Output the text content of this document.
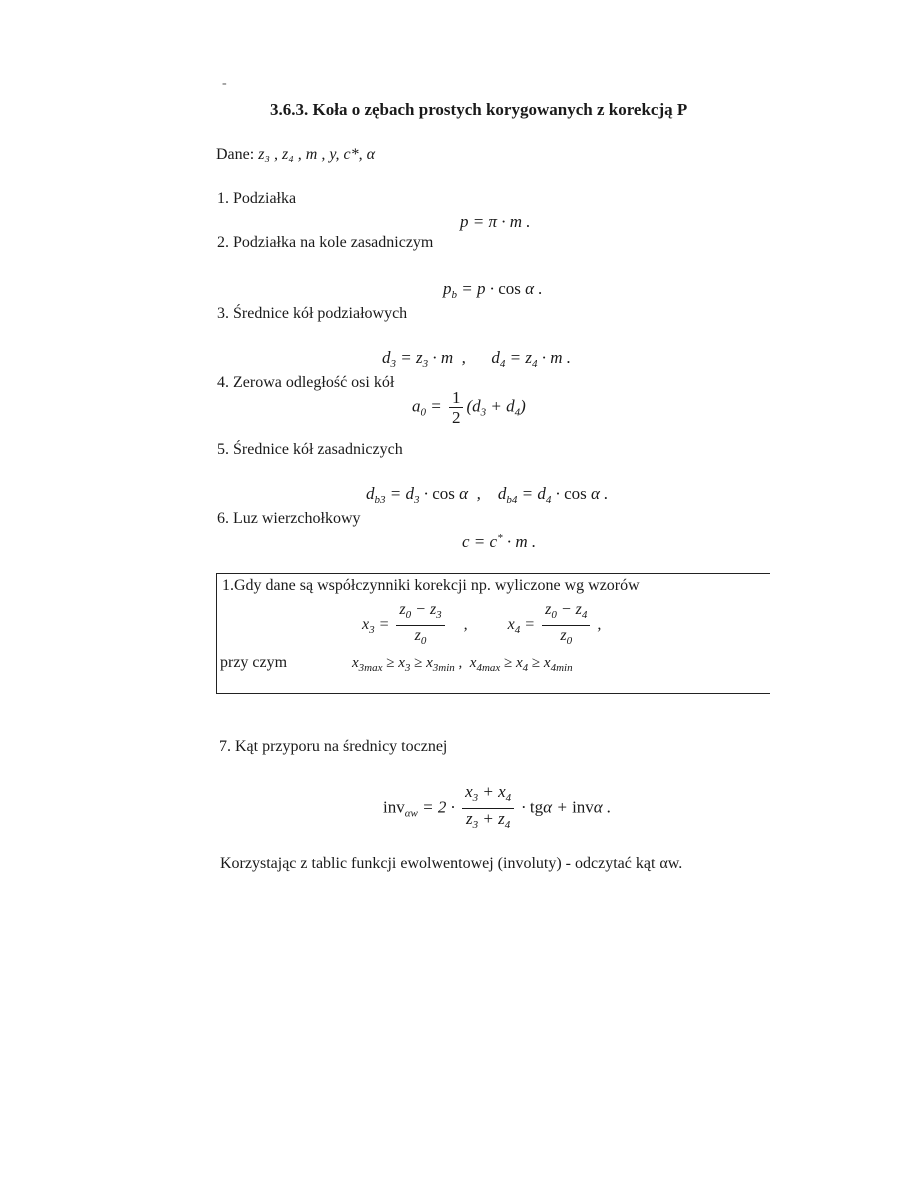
-
3.6.3. Koła o zębach prostych korygowanych z korekcją P
Dane: z₃ , z₄ , m , y, c*, α
1. Podziałka
p = π · m .
2. Podziałka na kole zasadniczym
$p_b = p \cdot \cos \alpha$ .
3. Średnice kół podziałowych
$d_3 = z_3 \cdot m$  ,      $d_4 = z_4 \cdot m$ .
4. Zerowa odległość osi kół
$a_0 = \frac{1}{2} (d_3 + d_4)$
5. Średnice kół zasadniczych
$d_{b3} = d_3 \cdot \cos \alpha$  ,    $d_{b4} = d_4 \cdot \cos \alpha$ .
6. Luz wierzchołkowy
c = c* · m .
1.Gdy dane są współczynniki korekcji np. wyliczone wg wzorów
$x_3 = \frac{z_0 - z_3}{z_0}$ ,          $x_4 = \frac{z_0 - z_4}{z_0}$ ,
przy czym	$x_{3max} \ge x_3 \ge x_{3min}$ ,  $x_{4max} \ge x_4 \ge x_{4min}$
7. Kąt przyporu na średnicy tocznej
$inv_{\alpha w} = 2 \cdot \frac{x_3 + x_4}{z_3 + z_4} \cdot tg\alpha + inv\alpha$ .
Korzystając z tablic funkcji ewolwentowej (involuty) - odczytać kąt αw.
